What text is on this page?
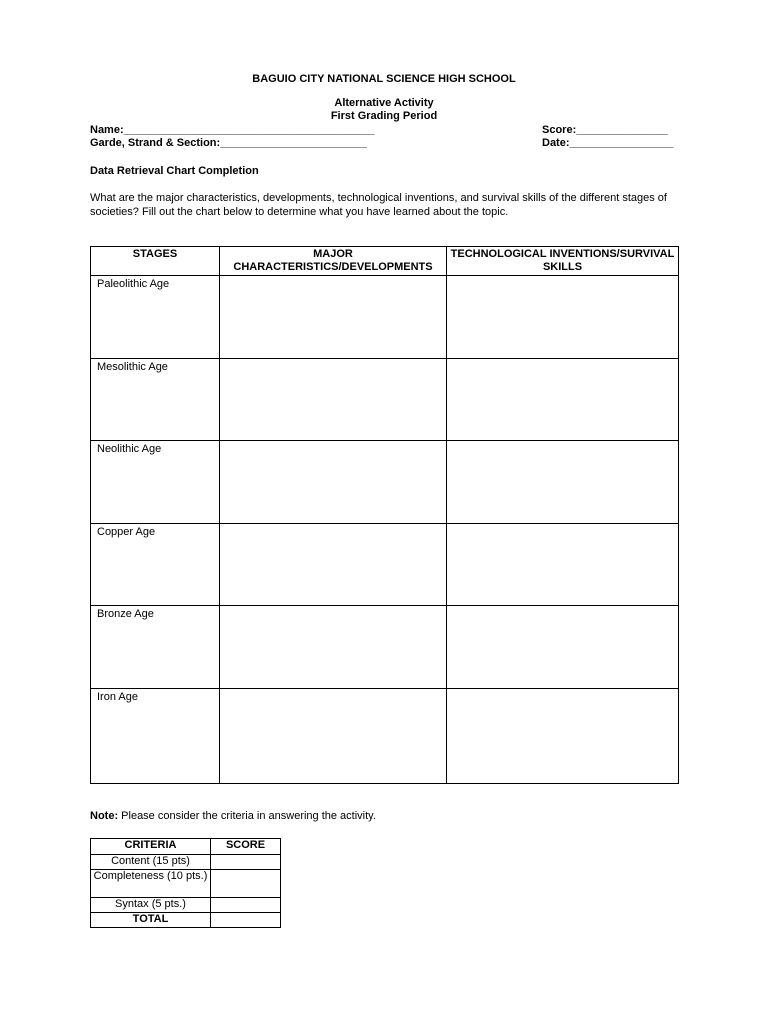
BAGUIO CITY NATIONAL SCIENCE HIGH SCHOOL
Alternative Activity
First Grading Period
Name:_________________________________________
Garde, Strand & Section:________________________
Score:_______________
Date:_________________
Data Retrieval Chart Completion
What are the major characteristics, developments, technological inventions, and survival skills of the different stages of societies? Fill out the chart below to determine what you have learned about the topic.
STAGES	MAJOR CHARACTERISTICS/DEVELOPMENTS	TECHNOLOGICAL INVENTIONS/SURVIVAL SKILLS
Paleolithic Age		
Mesolithic Age		
Neolithic Age		
Copper Age		
Bronze Age		
Iron Age		
Note: Please consider the criteria in answering the activity.
CRITERIA	SCORE
Content (15 pts)	
Completeness (10 pts.)	
Syntax (5 pts.)	
TOTAL	
